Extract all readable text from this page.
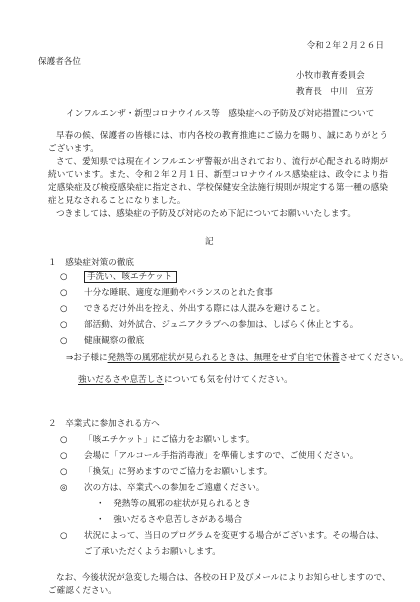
令和２年２月２６日
保護者各位
小牧市教育委員会
教育長　中川　宣芳
インフルエンザ・新型コロナウイルス等　感染症への予防及び対応措置について
早春の候、保護者の皆様には、市内各校の教育推進にご協力を賜り、誠にありがとうございます。
さて、愛知県では現在インフルエンザ警報が出されており、流行が心配される時期が続いています。また、令和２年２月１日、新型コロナウイルス感染症は、政令により指定感染症及び検疫感染症に指定され、学校保健安全法施行規則が規定する第一種の感染症と見なされることになりました。
つきましては、感染症の予防及び対応のため下記についてお願いいたします。
記
１　感染症対策の徹底
○ 手洗い、咳エチケット
○ 十分な睡眠、適度な運動やバランスのとれた食事
○ できるだけ外出を控え、外出する際には人混みを避けること。
○ 部活動、対外試合、ジュニアクラブへの参加は、しばらく休止とする。
○ 健康観察の徹底
⇒お子様に発熱等の風邪症状が見られるときは、無理をせず自宅で休養させてください。
強いだるさや息苦しさについても気を付けてください。
２　卒業式に参加される方へ
○ 「咳エチケット」にご協力をお願いします。
○ 会場に「アルコール手指消毒液」を準備しますので、ご使用ください。
○ 「換気」に努めますのでご協力をお願いします。
◎ 次の方は、卒業式への参加をご遠慮ください。
・　発熱等の風邪の症状が見られるとき
・　強いだるさや息苦しさがある場合
○ 状況によって、当日のプログラムを変更する場合がございます。その場合は、
ご了承いただくようお願いします。
なお、今後状況が急変した場合は、各校のＨＰ及びメールによりお知らせしますので、ご確認ください。
